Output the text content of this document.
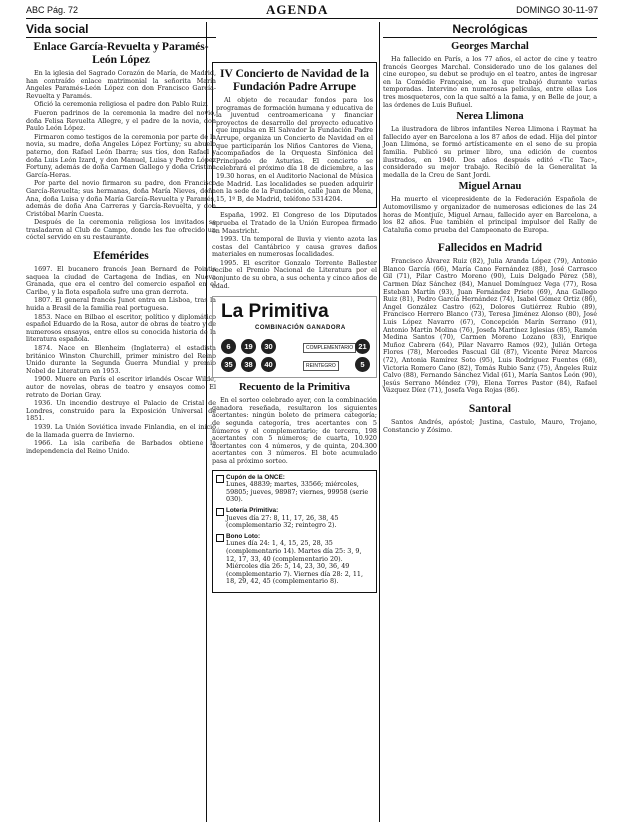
ABC Pág. 72	AGENDA	DOMINGO 30-11-97
Vida social
Enlace García-Revuelta y Paramés-León López

En la iglesia del Sagrado Corazón de María, de Madrid, han contraído enlace matrimonial la señorita María Angeles Paramés-León López con don Francisco García-Revuelta y Paramés.

Ofició la ceremonia religiosa el padre don Pablo Ruiz.

Fueron padrinos de la ceremonia la madre del novio, doña Felisa Revuelta Allegre, y el padre de la novia, don Paulo León López.

Firmaron como testigos de la ceremonia por parte de la novia, su madre, doña Angeles López Fortuny; su abuelo paterno, don Rafael León Ibarra; sus tíos, don Rafael y doña Luis León Izard, y don Manuel, Luisa y Pedro López Fortuny, además de doña Carmen Gallego y doña Cristina García-Heras.

Por parte del novio firmaron su padre, don Francisco García-Revuelta; sus hermanas, doña María Nieves, doña Ana, doña Luisa y doña María García-Revuelta y Paramés, además de doña Ana Carreras y García-Revuelta, y don Cristóbal Marín Cuesta.

Después de la ceremonia religiosa los invitados se trasladaron al Club de Campo, donde les fue ofrecido un cóctel servido en su restaurante.

Efemérides

1697. El bucanero francés Jean Bernard de Pointis saquea la ciudad de Cartagena de Indias, en Nueva Granada, que era el centro del comercio español en el Caribe, y la flota española sufre una gran derrota.

1807. El general francés Junot entra en Lisboa, tras la huida a Brasil de la familia real portuguesa.

1853. Nace en Bilbao el escritor, político y diplomático español Eduardo de la Rosa, autor de obras de teatro y de numerosos ensayos, entre ellos su conocida historia de la literatura española.

1874. Nace en Blenheim (Inglaterra) el estadista británico Winston Churchill, primer ministro del Reino Unido durante la Segunda Guerra Mundial y premio Nobel de Literatura en 1953.

1900. Muere en París el escritor irlandés Oscar Wilde, autor de novelas, obras de teatro y ensayos como El retrato de Dorian Gray.

1936. Un incendio destruye el Palacio de Cristal de Londres, construido para la Exposición Universal de 1851.

1939. La Unión Soviética invade Finlandia, en el inicio de la llamada guerra de Invierno.

1966. La isla caribeña de Barbados obtiene la independencia del Reino Unido.

IV Concierto de Navidad de la Fundación Padre Arrupe

Al objeto de recaudar fondos para los programas de formación humana y educativa de la juventud centroamericana y financiar proyectos de desarrollo del proyecto educativo que impulsa en El Salvador la Fundación Padre Arrupe, organiza un Concierto de Navidad en el que participarán los Niños Cantores de Viena, acompañados de la Orquesta Sinfónica del Principado de Asturias. El concierto se celebrará el próximo día 18 de diciembre, a las 19.30 horas, en el Auditorio Nacional de Música de Madrid. Las localidades se pueden adquirir en la sede de la Fundación, calle Juan de Mena, 15, 1º B, de Madrid, teléfono 5314204.

España, 1992. El Congreso de los Diputados aprueba el Tratado de la Unión Europea firmado en Maastricht.

1993. Un temporal de lluvia y viento azota las costas del Cantábrico y causa graves daños materiales en numerosas localidades.

1995. El escritor Gonzalo Torrente Ballester recibe el Premio Nacional de Literatura por el conjunto de su obra, a sus ochenta y cinco años de edad.

La Primitiva
COMBINACIÓN GANADORA
6	19	30
35	38	40
COMPLEMENTARIO 21
REINTEGRO	5
Recuento de la Primitiva

En el sorteo celebrado ayer, con la combinación ganadora reseñada, resultaron los siguientes acertantes: ningún boleto de primera categoría; de segunda categoría, tres acertantes con 5 números y el complementario; de tercera, 198 acertantes con 5 números; de cuarta, 10.920 acertantes con 4 números, y de quinta, 204.300 acertantes con 3 números. El bote acumulado pasa al próximo sorteo.

Cupón de la ONCE:
Lunes, 48839; martes, 33566; miércoles, 59805; jueves, 98987; viernes, 99958 (serie 030).
Lotería Primitiva:
Jueves día 27: 8, 11, 17, 26, 38, 45 (complementario 32; reintegro 2).
Bono Loto:
Lunes día 24: 1, 4, 15, 25, 28, 35 (complementario 14). Martes día 25: 3, 9, 12, 17, 33, 40 (complementario 20). Miércoles día 26: 5, 14, 23, 30, 36, 49 (complementario 7). Viernes día 28: 2, 11, 18, 29, 42, 45 (complementario 8).
Necrológicas
Georges Marchal

Ha fallecido en París, a los 77 años, el actor de cine y teatro francés Georges Marchal. Considerado uno de los galanes del cine europeo, su debut se produjo en el teatro, antes de ingresar en la Comédie Française, en la que trabajó durante varias temporadas. Intervino en numerosas películas, entre ellas Los tres mosqueteros, con la que saltó a la fama, y en Belle de jour, a las órdenes de Luis Buñuel.

Nerea Llimona

La ilustradora de libros infantiles Nerea Llimona i Raymat ha fallecido ayer en Barcelona a los 87 años de edad. Hija del pintor Joan Llimona, se formó artísticamente en el seno de su propia familia. Publicó su primer libro, una edición de cuentos ilustrados, en 1940. Dos años después editó «Tic Tac», considerado su mejor trabajo. Recibió de la Generalitat la medalla de la Creu de Sant Jordi.

Miguel Arnau

Ha muerto el vicepresidente de la Federación Española de Automovilismo y organizador de numerosas ediciones de las 24 horas de Montjuïc, Miguel Arnau, fallecido ayer en Barcelona, a los 82 años. Fue también el principal impulsor del Rally de Cataluña como prueba del Campeonato de Europa.

Fallecidos en Madrid

Francisco Álvarez Ruiz (82), Julia Aranda López (79), Antonio Blanco García (66), María Cano Fernández (88), José Carrasco Gil (71), Pilar Castro Moreno (90), Luis Delgado Pérez (58), Carmen Díaz Sánchez (84), Manuel Domínguez Vega (77), Rosa Esteban Martín (93), Juan Fernández Prieto (69), Ana Gallego Ruiz (81), Pedro García Hernández (74), Isabel Gómez Ortiz (86), Ángel González Castro (62), Dolores Gutiérrez Rubio (89), Francisco Herrero Blanco (73), Teresa Jiménez Alonso (80), José Luis López Navarro (67), Concepción Marín Serrano (91), Antonio Martín Molina (76), Josefa Martínez Iglesias (85), Ramón Medina Santos (70), Carmen Moreno Lozano (83), Enrique Muñoz Cabrera (64), Pilar Navarro Ramos (92), Julián Ortega Flores (78), Mercedes Pascual Gil (87), Vicente Pérez Marcos (72), Antonia Ramírez Soto (95), Luis Rodríguez Fuentes (68), Victoria Romero Cano (82), Tomás Rubio Sanz (75), Ángeles Ruiz Calvo (88), Fernando Sánchez Vidal (61), María Santos León (90), Jesús Serrano Méndez (79), Elena Torres Pastor (84), Rafael Vázquez Díez (71), Josefa Vega Rojas (86).

Santoral

Santos Andrés, apóstol; Justina, Castulo, Mauro, Trojano, Constancio y Zósimo.
